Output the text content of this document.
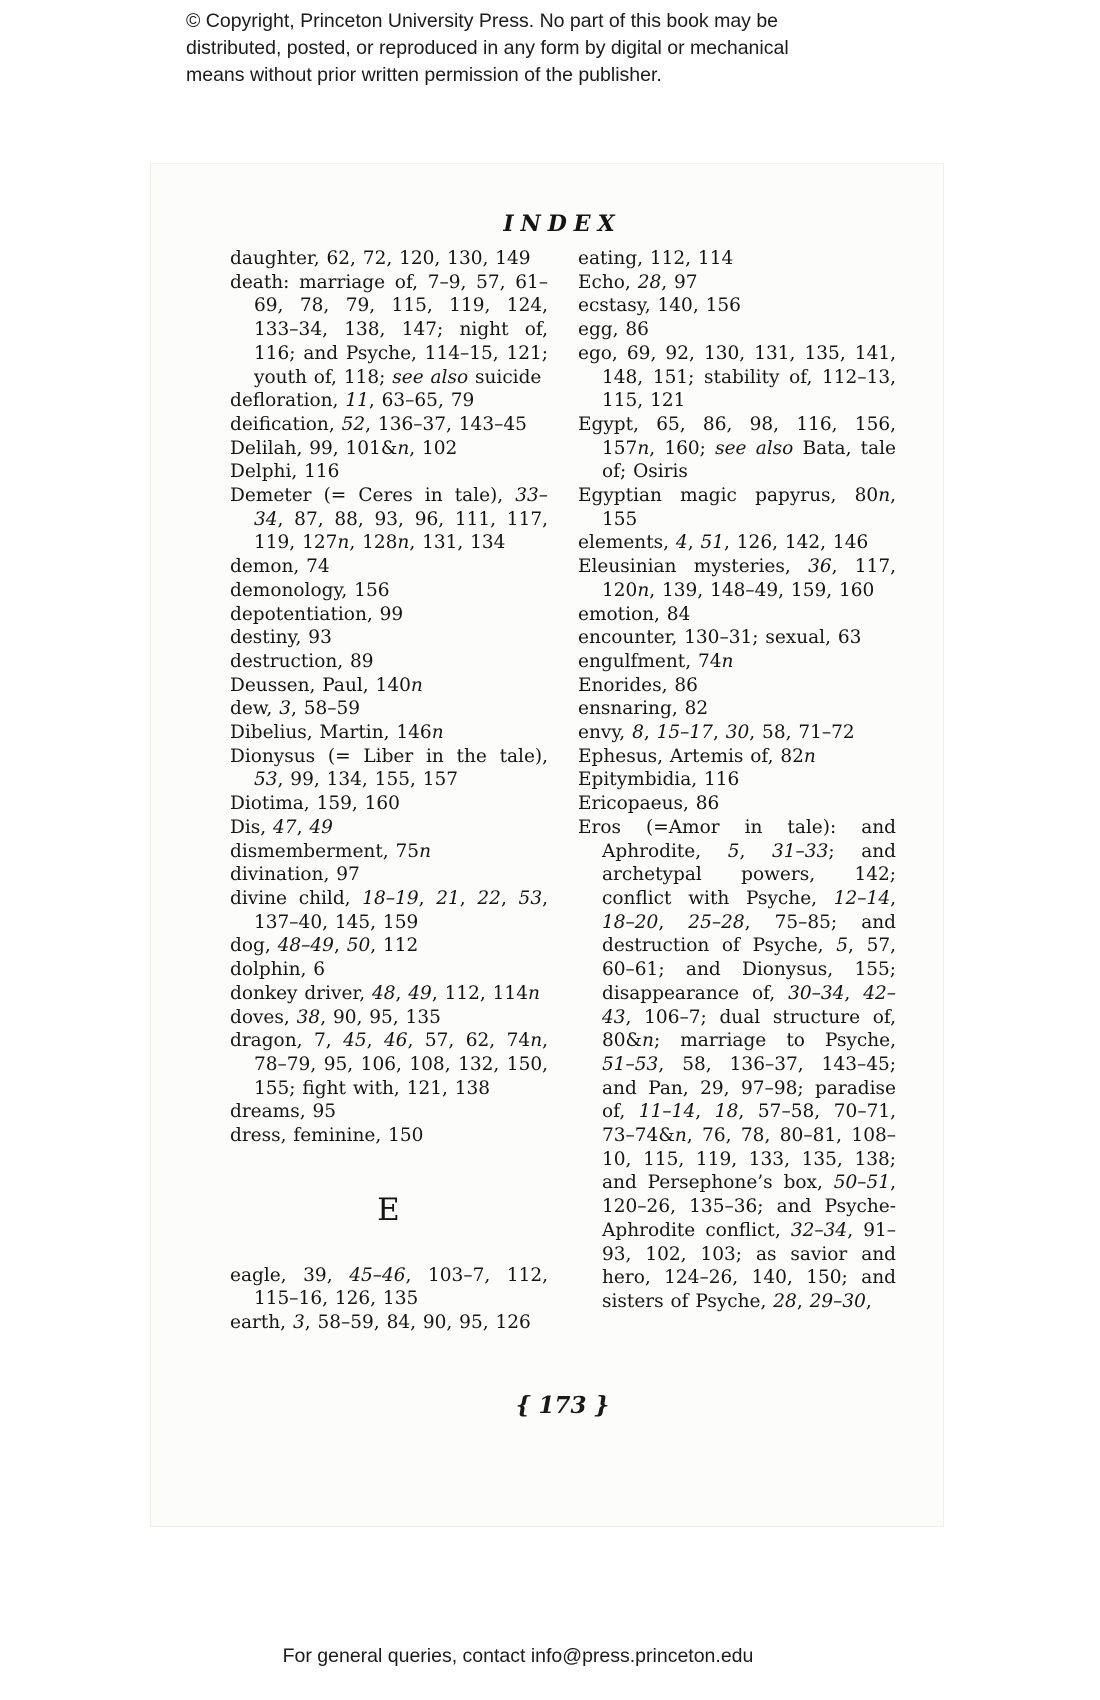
© Copyright, Princeton University Press. No part of this book may be
distributed, posted, or reproduced in any form by digital or mechanical
means without prior written permission of the publisher.
INDEX

daughter, 62, 72, 120, 130, 149

death: marriage of, 7–9, 57, 61–69, 78, 79, 115, 119, 124, 133–34, 138, 147; night of, 116; and Psyche, 114–15, 121; youth of, 118; see also suicide

defloration, 11, 63–65, 79

deification, 52, 136–37, 143–45

Delilah, 99, 101&n, 102

Delphi, 116

Demeter (= Ceres in tale), 33–34, 87, 88, 93, 96, 111, 117, 119, 127n, 128n, 131, 134

demon, 74

demonology, 156

depotentiation, 99

destiny, 93

destruction, 89

Deussen, Paul, 140n

dew, 3, 58–59

Dibelius, Martin, 146n

Dionysus (= Liber in the tale), 53, 99, 134, 155, 157

Diotima, 159, 160

Dis, 47, 49

dismemberment, 75n

divination, 97

divine child, 18–19, 21, 22, 53, 137–40, 145, 159

dog, 48–49, 50, 112

dolphin, 6

donkey driver, 48, 49, 112, 114n

doves, 38, 90, 95, 135

dragon, 7, 45, 46, 57, 62, 74n, 78–79, 95, 106, 108, 132, 150, 155; fight with, 121, 138

dreams, 95

dress, feminine, 150

E

eagle, 39, 45–46, 103–7, 112, 115–16, 126, 135

earth, 3, 58–59, 84, 90, 95, 126

eating, 112, 114

Echo, 28, 97

ecstasy, 140, 156

egg, 86

ego, 69, 92, 130, 131, 135, 141, 148, 151; stability of, 112–13, 115, 121

Egypt, 65, 86, 98, 116, 156, 157n, 160; see also Bata, tale of; Osiris

Egyptian magic papyrus, 80n, 155

elements, 4, 51, 126, 142, 146

Eleusinian mysteries, 36, 117, 120n, 139, 148–49, 159, 160

emotion, 84

encounter, 130–31; sexual, 63

engulfment, 74n

Enorides, 86

ensnaring, 82

envy, 8, 15–17, 30, 58, 71–72

Ephesus, Artemis of, 82n

Epitymbidia, 116

Ericopaeus, 86

Eros (=Amor in tale): and Aphrodite, 5, 31–33; and archetypal powers, 142; conflict with Psyche, 12–14, 18–20, 25–28, 75–85; and destruction of Psyche, 5, 57, 60–61; and Dionysus, 155; disappearance of, 30–34, 42–43, 106–7; dual structure of, 80&n; marriage to Psyche, 51–53, 58, 136–37, 143–45; and Pan, 29, 97–98; paradise of, 11–14, 18, 57–58, 70–71, 73–74&n, 76, 78, 80–81, 108–10, 115, 119, 133, 135, 138; and Persephone’s box, 50–51, 120–26, 135–36; and Psyche-Aphrodite conflict, 32–34, 91–93, 102, 103; as savior and hero, 124–26, 140, 150; and sisters of Psyche, 28, 29–30,

{ 173 }
For general queries, contact info@press.princeton.edu
